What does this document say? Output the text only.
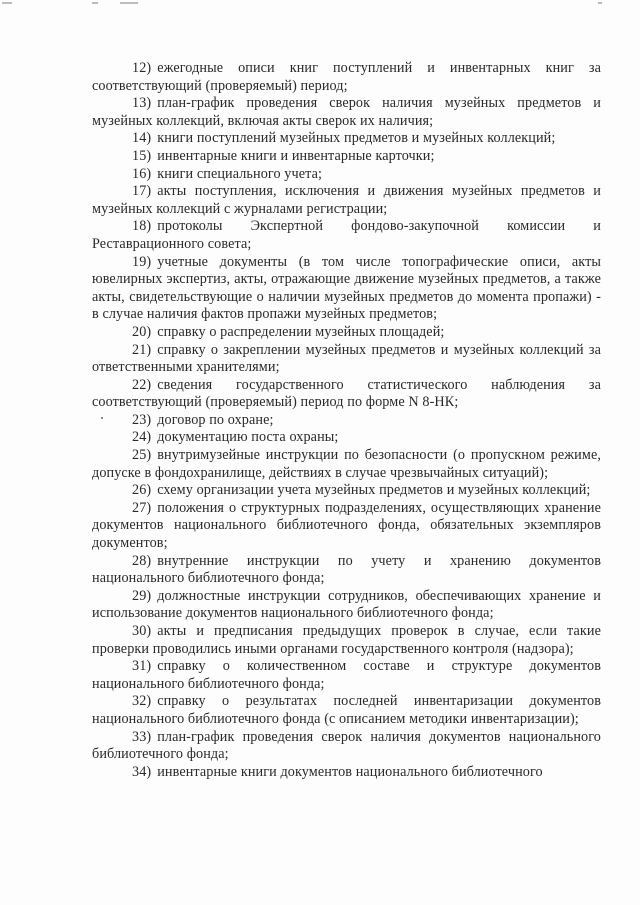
12) ежегодные описи книг поступлений и инвентарных книг за соответствующий (проверяемый) период;

13) план-график проведения сверок наличия музейных предметов и музейных коллекций, включая акты сверок их наличия;

14) книги поступлений музейных предметов и музейных коллекций;

15) инвентарные книги и инвентарные карточки;

16) книги специального учета;

17) акты поступления, исключения и движения музейных предметов и музейных коллекций с журналами регистрации;

18) протоколы Экспертной фондово-закупочной комиссии и Реставрационного совета;

19) учетные документы (в том числе топографические описи, акты ювелирных экспертиз, акты, отражающие движение музейных предметов, а также акты, свидетельствующие о наличии музейных предметов до момента пропажи) - в случае наличия фактов пропажи музейных предметов;

20) справку о распределении музейных площадей;

21) справку о закреплении музейных предметов и музейных коллекций за ответственными хранителями;

22) сведения государственного статистического наблюдения за соответствующий (проверяемый) период по форме N 8-НК;

23) договор по охране;

24) документацию поста охраны;

25) внутримузейные инструкции по безопасности (о пропускном режиме, допуске в фондохранилище, действиях в случае чрезвычайных ситуаций);

26) схему организации учета музейных предметов и музейных коллекций;

27) положения о структурных подразделениях, осуществляющих хранение документов национального библиотечного фонда, обязательных экземпляров документов;

28) внутренние инструкции по учету и хранению документов национального библиотечного фонда;

29) должностные инструкции сотрудников, обеспечивающих хранение и использование документов национального библиотечного фонда;

30) акты и предписания предыдущих проверок в случае, если такие проверки проводились иными органами государственного контроля (надзора);

31) справку о количественном составе и структуре документов национального библиотечного фонда;

32) справку о результатах последней инвентаризации документов национального библиотечного фонда (с описанием методики инвентаризации);

33) план-график проведения сверок наличия документов национального библиотечного фонда;

34) инвентарные книги документов национального библиотечного
